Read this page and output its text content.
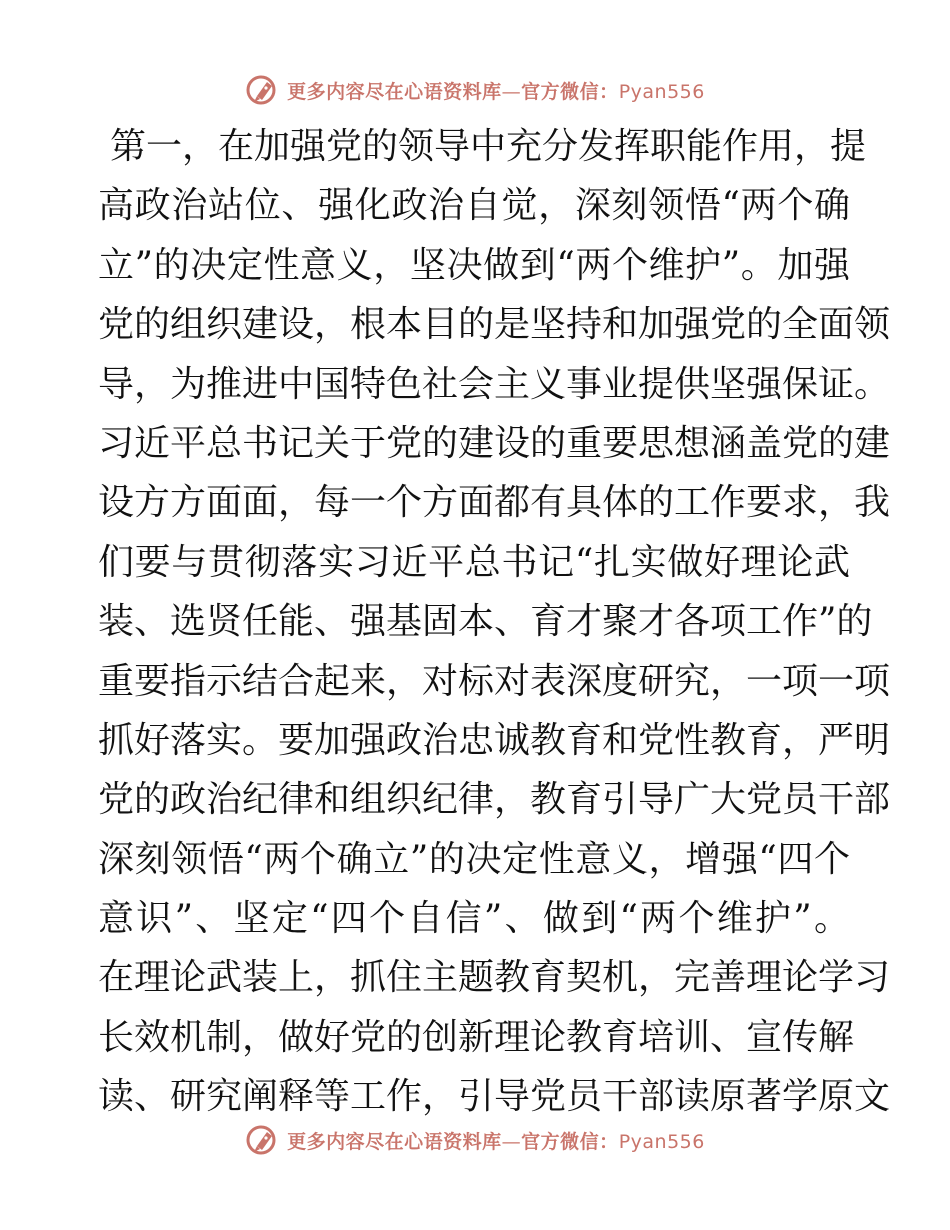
更多内容尽在心语资料库—官方微信：Pyan556
第一，在加强党的领导中充分发挥职能作用，提
高政治站位、强化政治自觉，深刻领悟“两个确
立”的决定性意义，坚决做到“两个维护”。加强
党的组织建设，根本目的是坚持和加强党的全面领
导，为推进中国特色社会主义事业提供坚强保证。
习近平总书记关于党的建设的重要思想涵盖党的建
设方方面面，每一个方面都有具体的工作要求，我
们要与贯彻落实习近平总书记“扎实做好理论武
装、选贤任能、强基固本、育才聚才各项工作”的
重要指示结合起来，对标对表深度研究，一项一项
抓好落实。要加强政治忠诚教育和党性教育，严明
党的政治纪律和组织纪律，教育引导广大党员干部
深刻领悟“两个确立”的决定性意义，增强“四个
意识”、坚定“四个自信”、做到“两个维护”。
在理论武装上，抓住主题教育契机，完善理论学习
长效机制，做好党的创新理论教育培训、宣传解
读、研究阐释等工作，引导党员干部读原著学原文
更多内容尽在心语资料库—官方微信：Pyan556
